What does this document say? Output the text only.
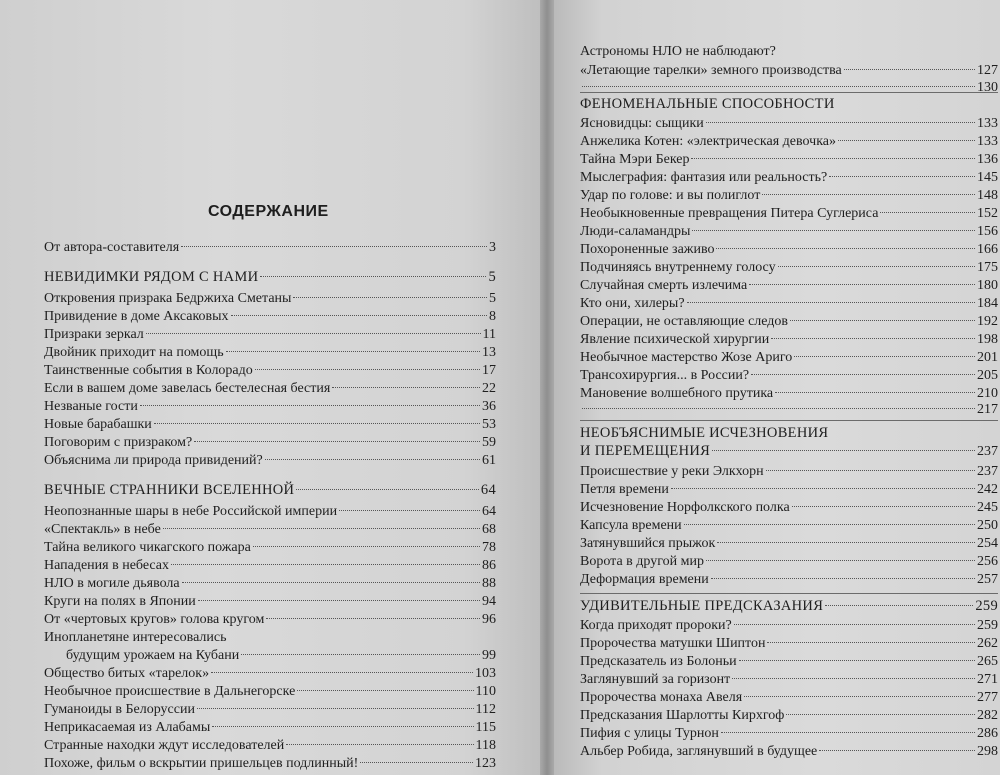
СОДЕРЖАНИЕ
От автора-составителя	3
НЕВИДИМКИ РЯДОМ С НАМИ	5
Откровения призрака Бедржиха Сметаны	5
Привидение в доме Аксаковых	8
Призраки зеркал	11
Двойник приходит на помощь	13
Таинственные события в Колорадо	17
Если в вашем доме завелась бестелесная бестия	22
Незваные гости	36
Новые барабашки	53
Поговорим с призраком?	59
Объяснима ли природа привидений?	61
ВЕЧНЫЕ СТРАННИКИ ВСЕЛЕННОЙ	64
Неопознанные шары в небе Российской империи	64
«Спектакль» в небе	68
Тайна великого чикагского пожара	78
Нападения в небесах	86
НЛО в могиле дьявола	88
Круги на полях в Японии	94
От «чертовых кругов» голова кругом	96
Инопланетяне интересовались
будущим урожаем на Кубани	99
Общество битых «тарелок»	103
Необычное происшествие в Дальнегорске	110
Гуманоиды в Белоруссии	112
Неприкасаемая из Алабамы	115
Странные находки ждут исследователей	118
Похоже, фильм о вскрытии пришельцев подлинный!	123
Астрономы НЛО не наблюдают?
«Летающие тарелки» земного производства	127
130
ФЕНОМЕНАЛЬНЫЕ СПОСОБНОСТИ
Ясновидцы: сыщики	133
Анжелика Котен: «электрическая девочка»	133
Тайна Мэри Бекер	136
Мыслеграфия: фантазия или реальность?	145
Удар по голове: и вы полиглот	148
Необыкновенные превращения Питера Суглериса	152
Люди-саламандры	156
Похороненные заживо	166
Подчиняясь внутреннему голосу	175
Случайная смерть излечима	180
Кто они, хилеры?	184
Операции, не оставляющие следов	192
Явление психической хирургии	198
Необычное мастерство Жозе Ариго	201
Трансохирургия... в России?	205
Мановение волшебного прутика	210
217
НЕОБЪЯСНИМЫЕ ИСЧЕЗНОВЕНИЯ
И ПЕРЕМЕЩЕНИЯ	237
Происшествие у реки Элкхорн	237
Петля времени	242
Исчезновение Норфолкского полка	245
Капсула времени	250
Затянувшийся прыжок	254
Ворота в другой мир	256
Деформация времени	257
УДИВИТЕЛЬНЫЕ ПРЕДСКАЗАНИЯ	259
Когда приходят пророки?	259
Пророчества матушки Шиптон	262
Предсказатель из Болоньи	265
Заглянувший за горизонт	271
Пророчества монаха Авеля	277
Предсказания Шарлотты Кирхгоф	282
Пифия с улицы Турнон	286
Альбер Робида, заглянувший в будущее	298
